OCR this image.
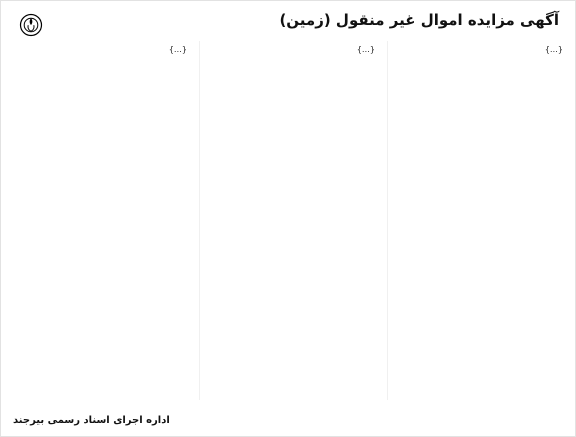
آگهی مزایده اموال غیر منقول (زمین)

{…}

{…}

{…}

اداره اجرای اسناد رسمی بیرجند
